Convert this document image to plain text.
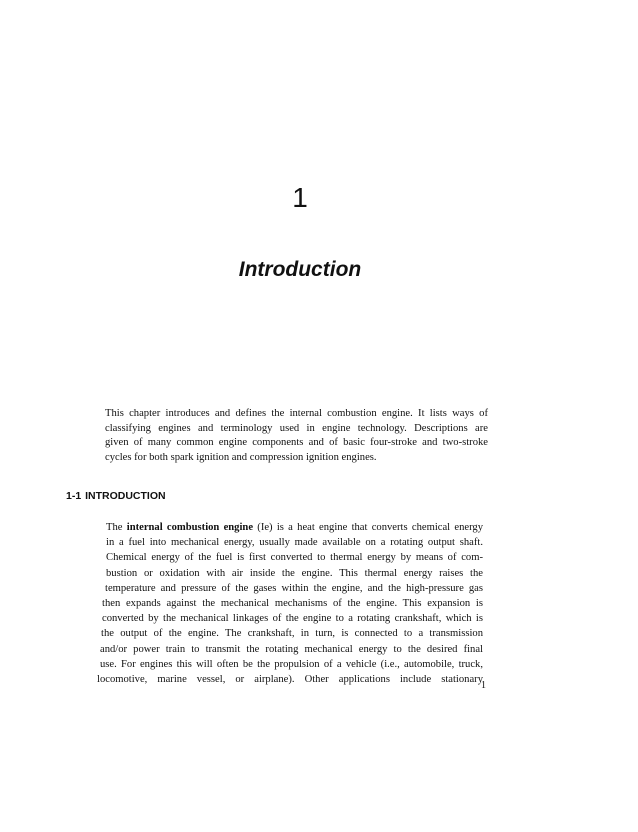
1
Introduction
This chapter introduces and defines the internal combustion engine. It lists ways of
classifying engines and terminology used in engine technology. Descriptions are
given of many common engine components and of basic four-stroke and two-stroke
cycles for both spark ignition and compression ignition engines.
1-1 INTRODUCTION
The internal combustion engine (Ie) is a heat engine that converts chemical energy
in a fuel into mechanical energy, usually made available on a rotating output shaft.
Chemical energy of the fuel is first converted to thermal energy by means of com-
bustion or oxidation with air inside the engine. This thermal energy raises the
temperature and pressure of the gases within the engine, and the high-pressure gas
then expands against the mechanical mechanisms of the engine. This expansion is
converted by the mechanical linkages of the engine to a rotating crankshaft, which is
the output of the engine. The crankshaft, in turn, is connected to a transmission
and/or power train to transmit the rotating mechanical energy to the desired final
use. For engines this will often be the propulsion of a vehicle (i.e., automobile, truck,
locomotive, marine vessel, or airplane). Other applications include stationary
1
